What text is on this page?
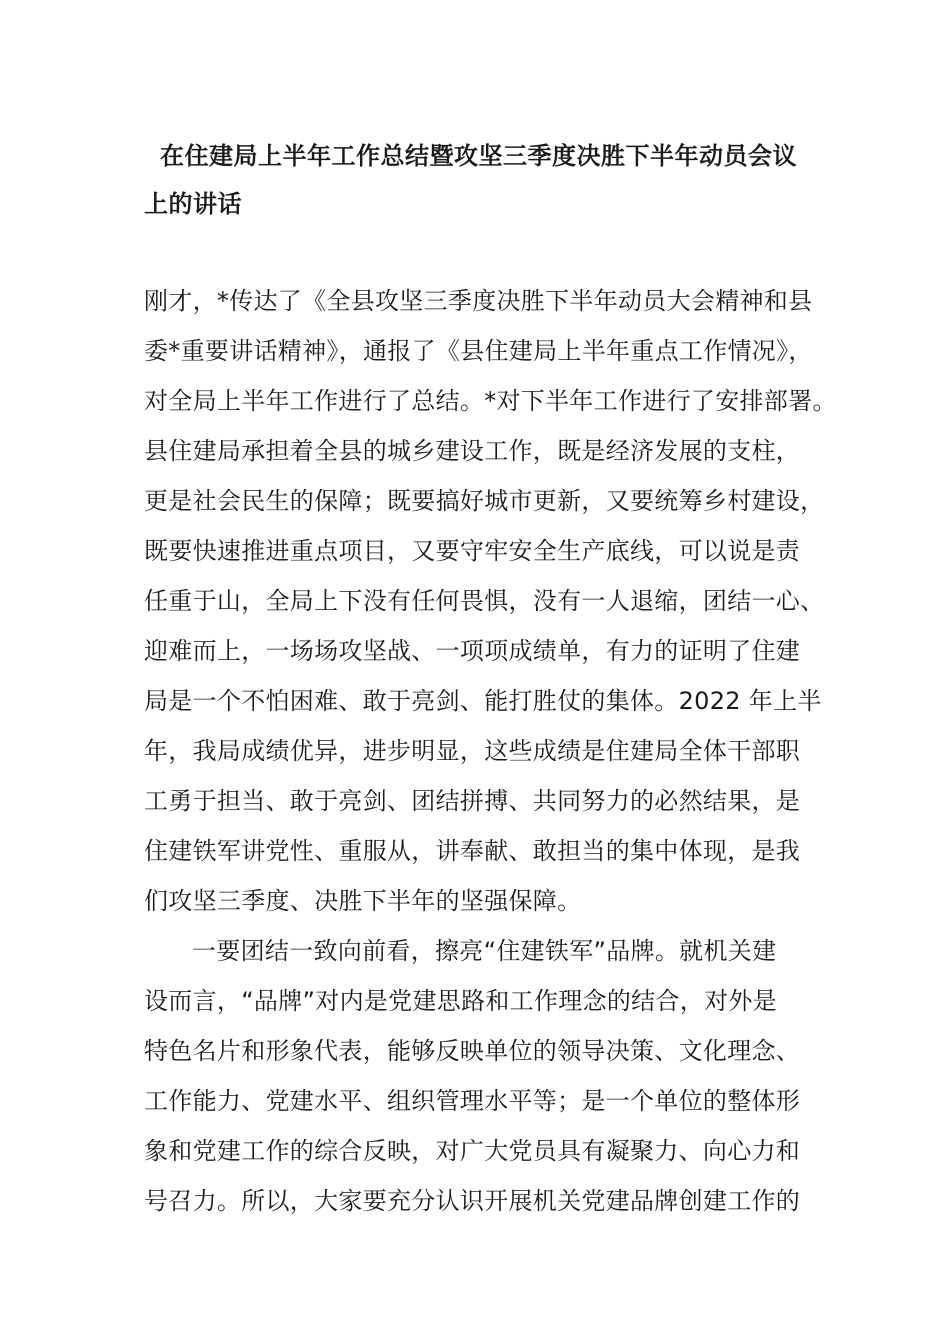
在住建局上半年工作总结暨攻坚三季度决胜下半年动员会议上的讲话
刚才，*传达了《全县攻坚三季度决胜下半年动员大会精神和县
委*重要讲话精神》，通报了《县住建局上半年重点工作情况》，
对全局上半年工作进行了总结。*对下半年工作进行了安排部署。
县住建局承担着全县的城乡建设工作，既是经济发展的支柱，
更是社会民生的保障；既要搞好城市更新，又要统筹乡村建设，
既要快速推进重点项目，又要守牢安全生产底线，可以说是责
任重于山，全局上下没有任何畏惧，没有一人退缩，团结一心、
迎难而上，一场场攻坚战、一项项成绩单，有力的证明了住建
局是一个不怕困难、敢于亮剑、能打胜仗的集体。2022 年上半
年，我局成绩优异，进步明显，这些成绩是住建局全体干部职
工勇于担当、敢于亮剑、团结拼搏、共同努力的必然结果，是
住建铁军讲党性、重服从，讲奉献、敢担当的集中体现，是我
们攻坚三季度、决胜下半年的坚强保障。
一要团结一致向前看，擦亮“住建铁军”品牌。就机关建
设而言，“品牌”对内是党建思路和工作理念的结合，对外是
特色名片和形象代表，能够反映单位的领导决策、文化理念、
工作能力、党建水平、组织管理水平等；是一个单位的整体形
象和党建工作的综合反映，对广大党员具有凝聚力、向心力和
号召力。所以，大家要充分认识开展机关党建品牌创建工作的
